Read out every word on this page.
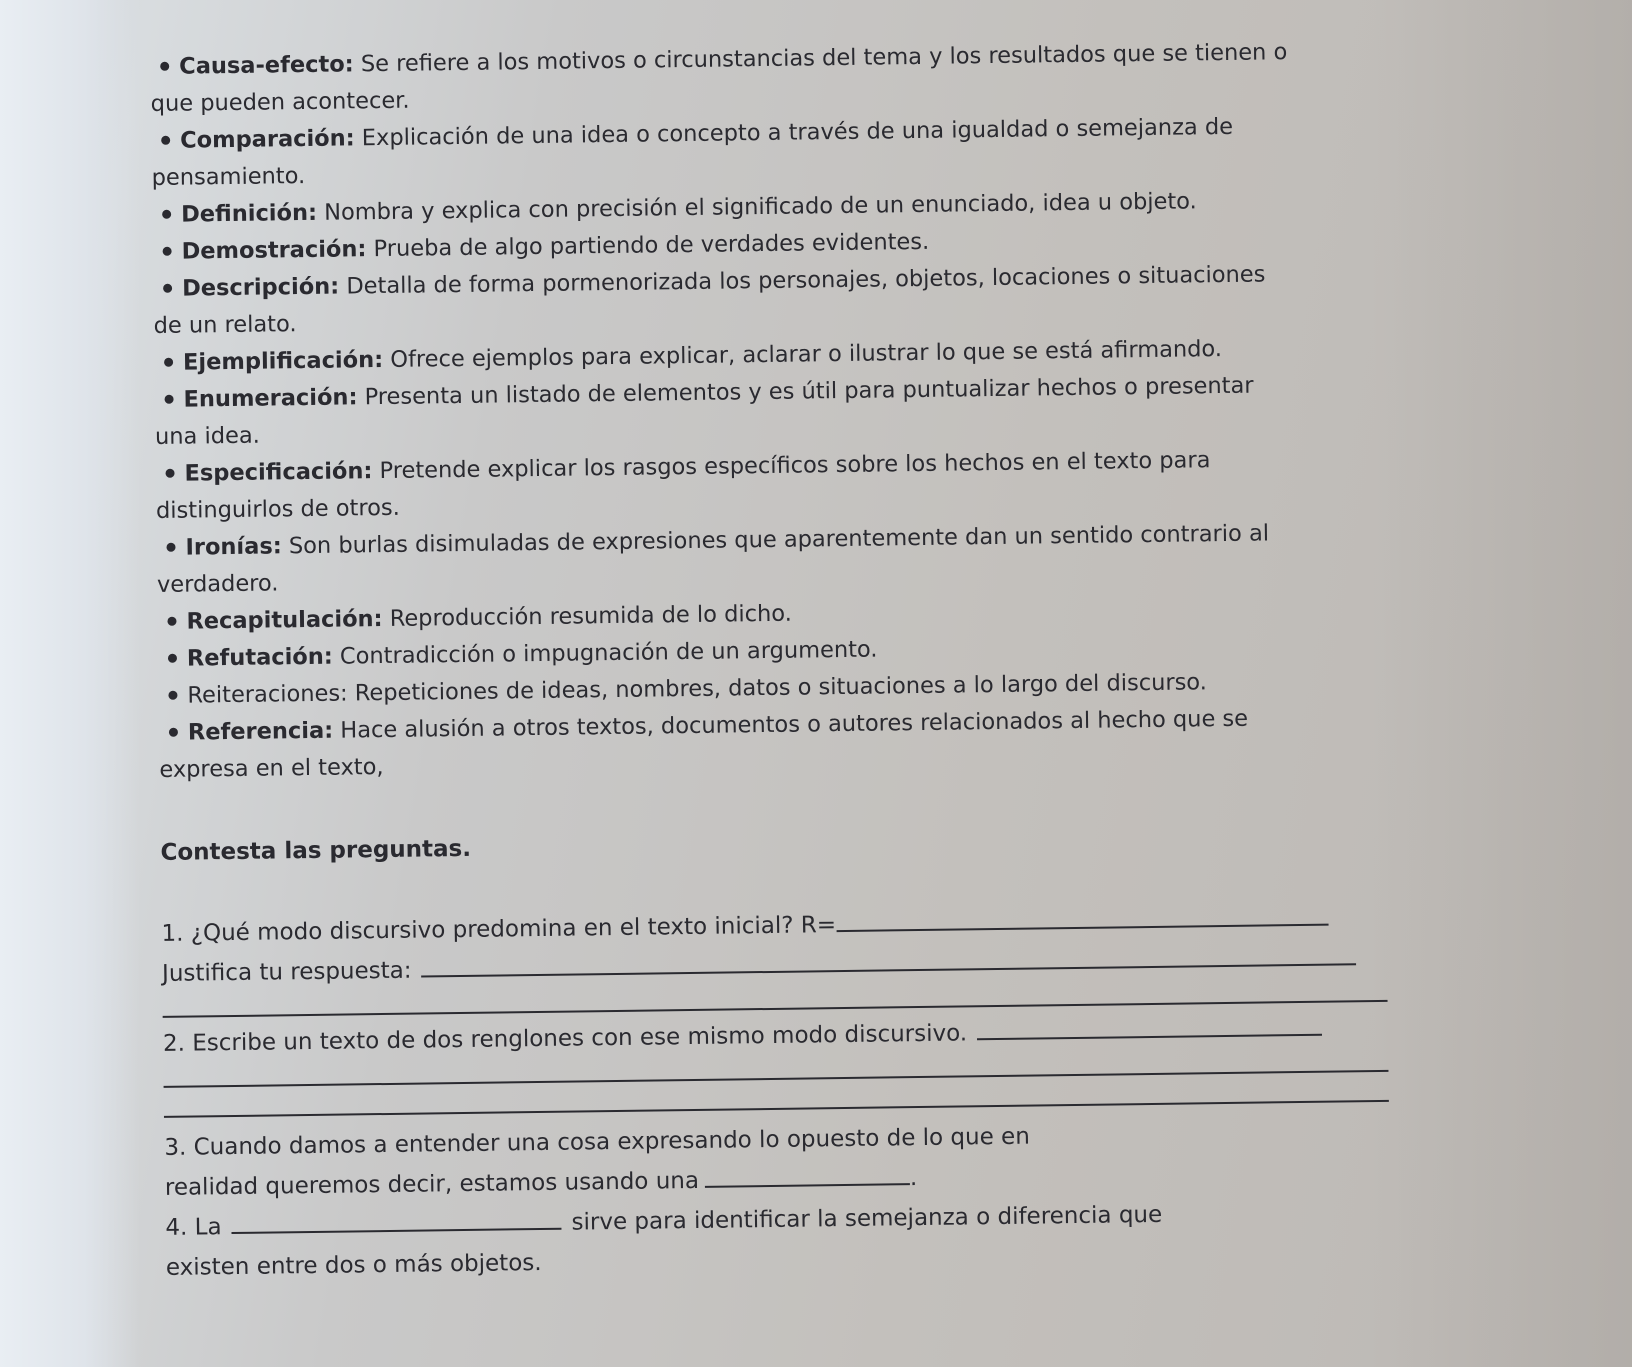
Causa-efecto: Se refiere a los motivos o circunstancias del tema y los resultados que se tienen o
que pueden acontecer.
Comparación: Explicación de una idea o concepto a través de una igualdad o semejanza de
pensamiento.
Definición: Nombra y explica con precisión el significado de un enunciado, idea u objeto.
Demostración: Prueba de algo partiendo de verdades evidentes.
Descripción: Detalla de forma pormenorizada los personajes, objetos, locaciones o situaciones
de un relato.
Ejemplificación: Ofrece ejemplos para explicar, aclarar o ilustrar lo que se está afirmando.
Enumeración: Presenta un listado de elementos y es útil para puntualizar hechos o presentar
una idea.
Especificación: Pretende explicar los rasgos específicos sobre los hechos en el texto para
distinguirlos de otros.
Ironías: Son burlas disimuladas de expresiones que aparentemente dan un sentido contrario al
verdadero.
Recapitulación: Reproducción resumida de lo dicho.
Refutación: Contradicción o impugnación de un argumento.
Reiteraciones: Repeticiones de ideas, nombres, datos o situaciones a lo largo del discurso.
Referencia: Hace alusión a otros textos, documentos o autores relacionados al hecho que se
expresa en el texto,
Contesta las preguntas.
1. ¿Qué modo discursivo predomina en el texto inicial? R=
Justifica tu respuesta:
2. Escribe un texto de dos renglones con ese mismo modo discursivo.
3. Cuando damos a entender una cosa expresando lo opuesto de lo que en
realidad queremos decir, estamos usando una	.
4. La	sirve para identificar la semejanza o diferencia que
existen entre dos o más objetos.
